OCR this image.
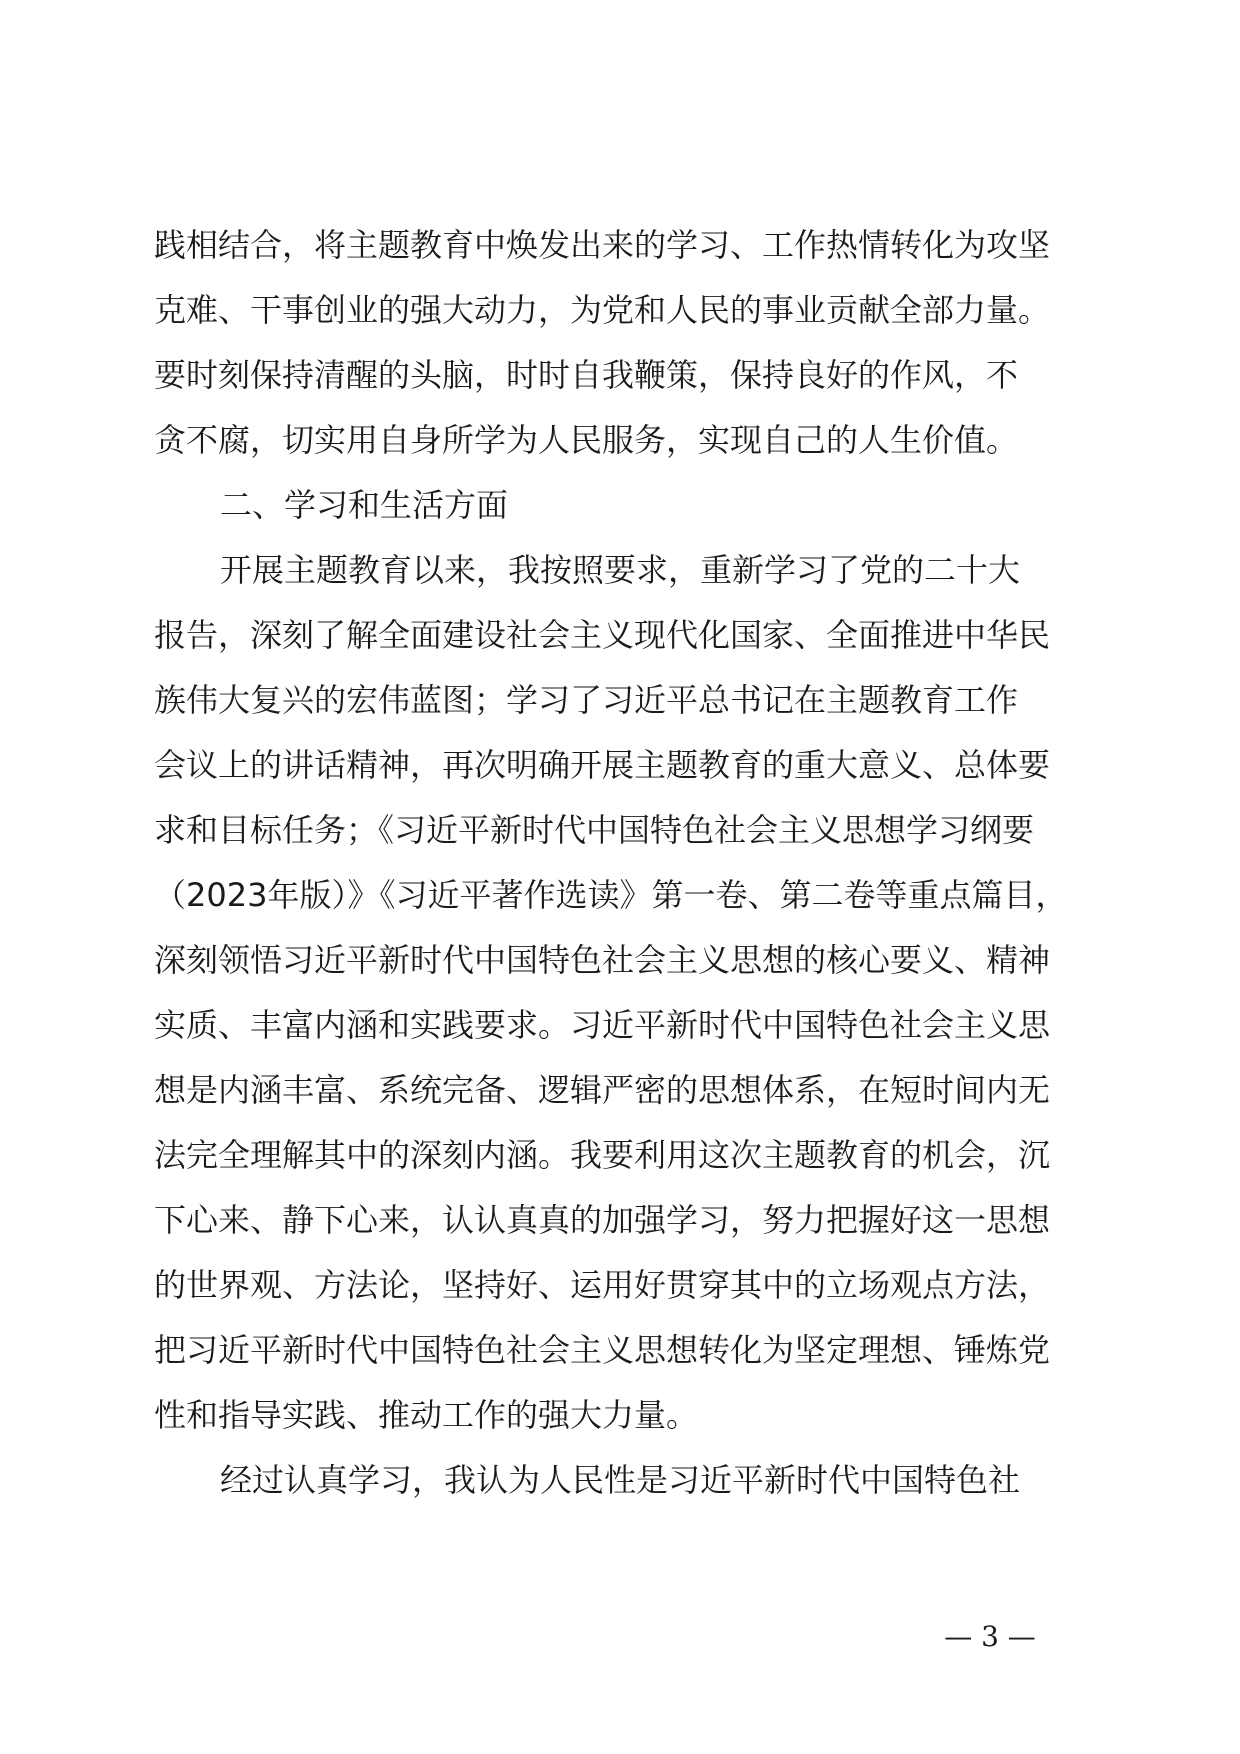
践相结合，将主题教育中焕发出来的学习、工作热情转化为攻坚
克难、干事创业的强大动力，为党和人民的事业贡献全部力量。
要时刻保持清醒的头脑，时时自我鞭策，保持良好的作风，不
贪不腐，切实用自身所学为人民服务，实现自己的人生价值。
二、学习和生活方面
开展主题教育以来，我按照要求，重新学习了党的二十大
报告，深刻了解全面建设社会主义现代化国家、全面推进中华民
族伟大复兴的宏伟蓝图；学习了习近平总书记在主题教育工作
会议上的讲话精神，再次明确开展主题教育的重大意义、总体要
求和目标任务；《习近平新时代中国特色社会主义思想学习纲要
（2023年版）》《习近平著作选读》第一卷、第二卷等重点篇目，
深刻领悟习近平新时代中国特色社会主义思想的核心要义、精神
实质、丰富内涵和实践要求。习近平新时代中国特色社会主义思
想是内涵丰富、系统完备、逻辑严密的思想体系，在短时间内无
法完全理解其中的深刻内涵。我要利用这次主题教育的机会，沉
下心来、静下心来，认认真真的加强学习，努力把握好这一思想
的世界观、方法论，坚持好、运用好贯穿其中的立场观点方法，
把习近平新时代中国特色社会主义思想转化为坚定理想、锤炼党
性和指导实践、推动工作的强大力量。
经过认真学习，我认为人民性是习近平新时代中国特色社
— 3 —
